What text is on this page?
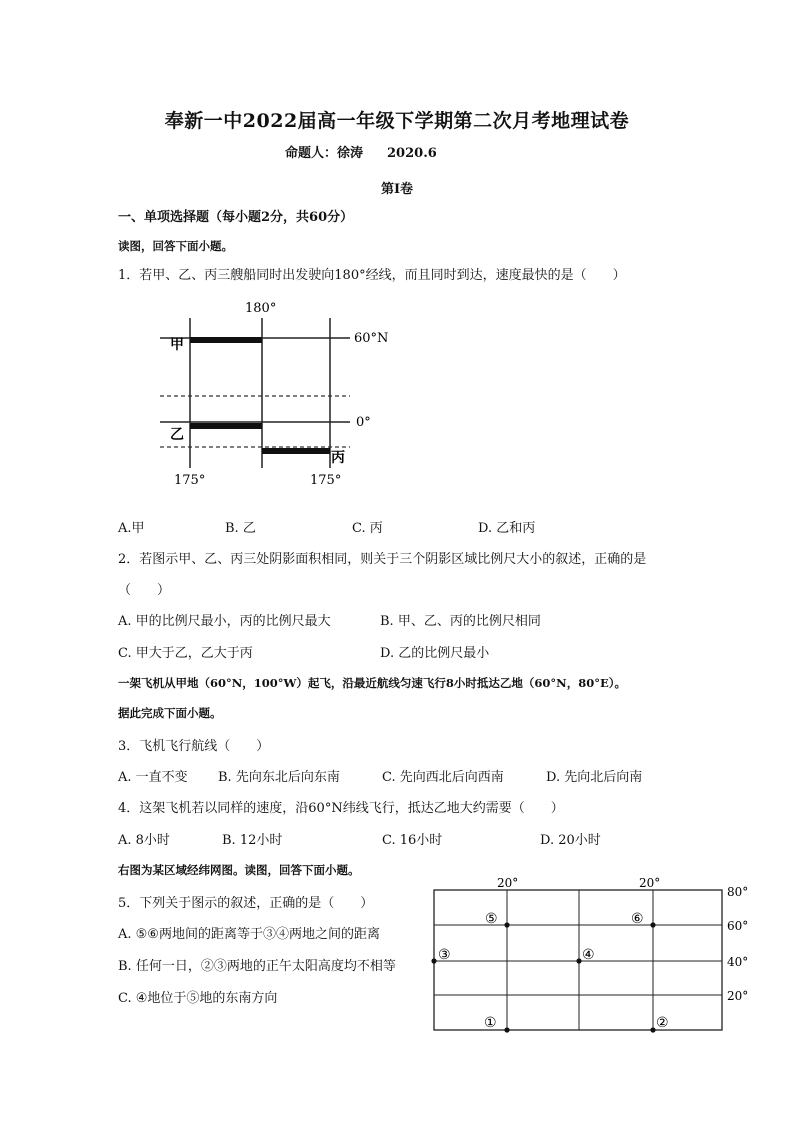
奉新一中2022届高一年级下学期第二次月考地理试卷
命题人：徐涛 2020.6
第Ⅰ卷
一、单项选择题（每小题2分，共60分）
读图，回答下面小题。
1．若甲、乙、丙三艘船同时出发驶向180°经线，而且同时到达，速度最快的是（　　）
180°
60°N
0°
175°	175°
甲
乙
丙
A.甲	B. 乙	C. 丙	D. 乙和丙
2．若图示甲、乙、丙三处阴影面积相同，则关于三个阴影区域比例尺大小的叙述，正确的是
（　　）
A. 甲的比例尺最小，丙的比例尺最大	B. 甲、乙、丙的比例尺相同
C. 甲大于乙，乙大于丙	D. 乙的比例尺最小
一架飞机从甲地（60°N，100°W）起飞，沿最近航线匀速飞行8小时抵达乙地（60°N，80°E）。
据此完成下面小题。
3．飞机飞行航线（　　）
A. 一直不变 B. 先向东北后向东南	C. 先向西北后向西南	D. 先向北后向南
4．这架飞机若以同样的速度，沿60°N纬线飞行，抵达乙地大约需要（　　）
A. 8小时	B. 12小时	C. 16小时	D. 20小时
右图为某区域经纬网图。读图，回答下面小题。
5．下列关于图示的叙述，正确的是（　　）
A. ⑤⑥两地间的距离等于③④两地之间的距离
B. 任何一日，②③两地的正午太阳高度均不相等
C. ④地位于⑤地的东南方向
20°	20°
80°
60°
40°
20°
①	②
③	④
⑤	⑥
